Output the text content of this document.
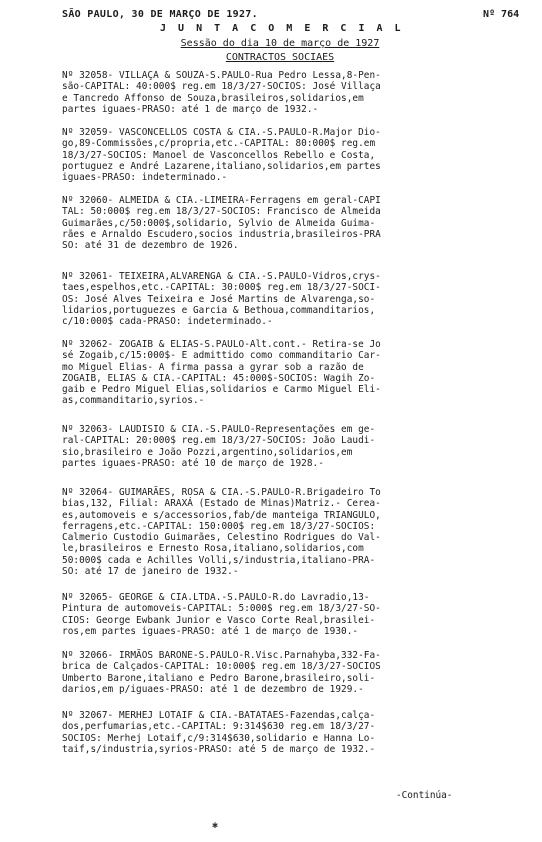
SÃO PAULO, 30 DE MARÇO DE 1927.	Nº 764
J U N T A C O M E R C I A L
Sessão do dia 10 de março de 1927
CONTRACTOS SOCIAES
Nº 32058- VILLAÇA & SOUZA-S.PAULO-Rua Pedro Lessa,8-Pen-
são-CAPITAL: 40:000$ reg.em 18/3/27-SOCIOS: José Villaça
e Tancredo Affonso de Souza,brasileiros,solidarios,em
partes iguaes-PRASO: até 1 de março de 1932.-
Nº 32059- VASCONCELLOS COSTA & CIA.-S.PAULO-R.Major Dio-
go,89-Commissões,c/propria,etc.-CAPITAL: 80:000$ reg.em
18/3/27-SOCIOS: Manoel de Vasconcellos Rebello e Costa,
portuguez e André Lazarene,italiano,solidarios,em partes
iguaes-PRASO: indeterminado.-
Nº 32060- ALMEIDA & CIA.-LIMEIRA-Ferragens em geral-CAPI
TAL: 50:000$ reg.em 18/3/27-SOCIOS: Francisco de Almeida
Guimarães,c/50:000$,solidario, Sylvio de Almeida Guima-
rães e Arnaldo Escudero,socios industria,brasileiros-PRA
SO: até 31 de dezembro de 1926.
Nº 32061- TEIXEIRA,ALVARENGA & CIA.-S.PAULO-Vidros,crys-
taes,espelhos,etc.-CAPITAL: 30:000$ reg.em 18/3/27-SOCI-
OS: José Alves Teixeira e José Martins de Alvarenga,so-
lidarios,portuguezes e Garcia & Bethoua,commanditarios,
c/10:000$ cada-PRASO: indeterminado.-
Nº 32062- ZOGAIB & ELIAS-S.PAULO-Alt.cont.- Retira-se Jo
sé Zogaib,c/15:000$- E admittido como commanditario Car-
mo Miguel Elias- A firma passa a gyrar sob a razão de
ZOGAIB, ELIAS & CIA.-CAPITAL: 45:000$-SOCIOS: Wagih Zo-
gaib e Pedro Miguel Elias,solidarios e Carmo Miguel Eli-
as,commanditario,syrios.-
Nº 32063- LAUDISIO & CIA.-S.PAULO-Representações em ge-
ral-CAPITAL: 20:000$ reg.em 18/3/27-SOCIOS: João Laudi-
sio,brasileiro e João Pozzi,argentino,solidarios,em
partes iguaes-PRASO: até 10 de março de 1928.-
Nº 32064- GUIMARÃES, ROSA & CIA.-S.PAULO-R.Brigadeiro To
bias,132, Filial: ARAXÁ (Estado de Minas)Matriz.- Cerea-
es,automoveis e s/accessorios,fab/de manteiga TRIANGULO,
ferragens,etc.-CAPITAL: 150:000$ reg.em 18/3/27-SOCIOS:
Calmerio Custodio Guimarães, Celestino Rodrigues do Val-
le,brasileiros e Ernesto Rosa,italiano,solidarios,com
50:000$ cada e Achilles Volli,s/industria,italiano-PRA-
SO: até 17 de janeiro de 1932.-
Nº 32065- GEORGE & CIA.LTDA.-S.PAULO-R.do Lavradio,13-
Pintura de automoveis-CAPITAL: 5:000$ reg.em 18/3/27-SO-
CIOS: George Ewbank Junior e Vasco Corte Real,brasilei-
ros,em partes iguaes-PRASO: até 1 de março de 1930.-
Nº 32066- IRMÃOS BARONE-S.PAULO-R.Visc.Parnahyba,332-Fa-
brica de Calçados-CAPITAL: 10:000$ reg.em 18/3/27-SOCIOS
Umberto Barone,italiano e Pedro Barone,brasileiro,soli-
darios,em p/iguaes-PRASO: até 1 de dezembro de 1929.-
Nº 32067- MERHEJ LOTAIF & CIA.-BATATAES-Fazendas,calça-
dos,perfumarias,etc.-CAPITAL: 9:314$630 reg.em 18/3/27-
SOCIOS: Merhej Lotaif,c/9:314$630,solidario e Hanna Lo-
taif,s/industria,syrios-PRASO: até 5 de março de 1932.-
-Continúa-
✱
